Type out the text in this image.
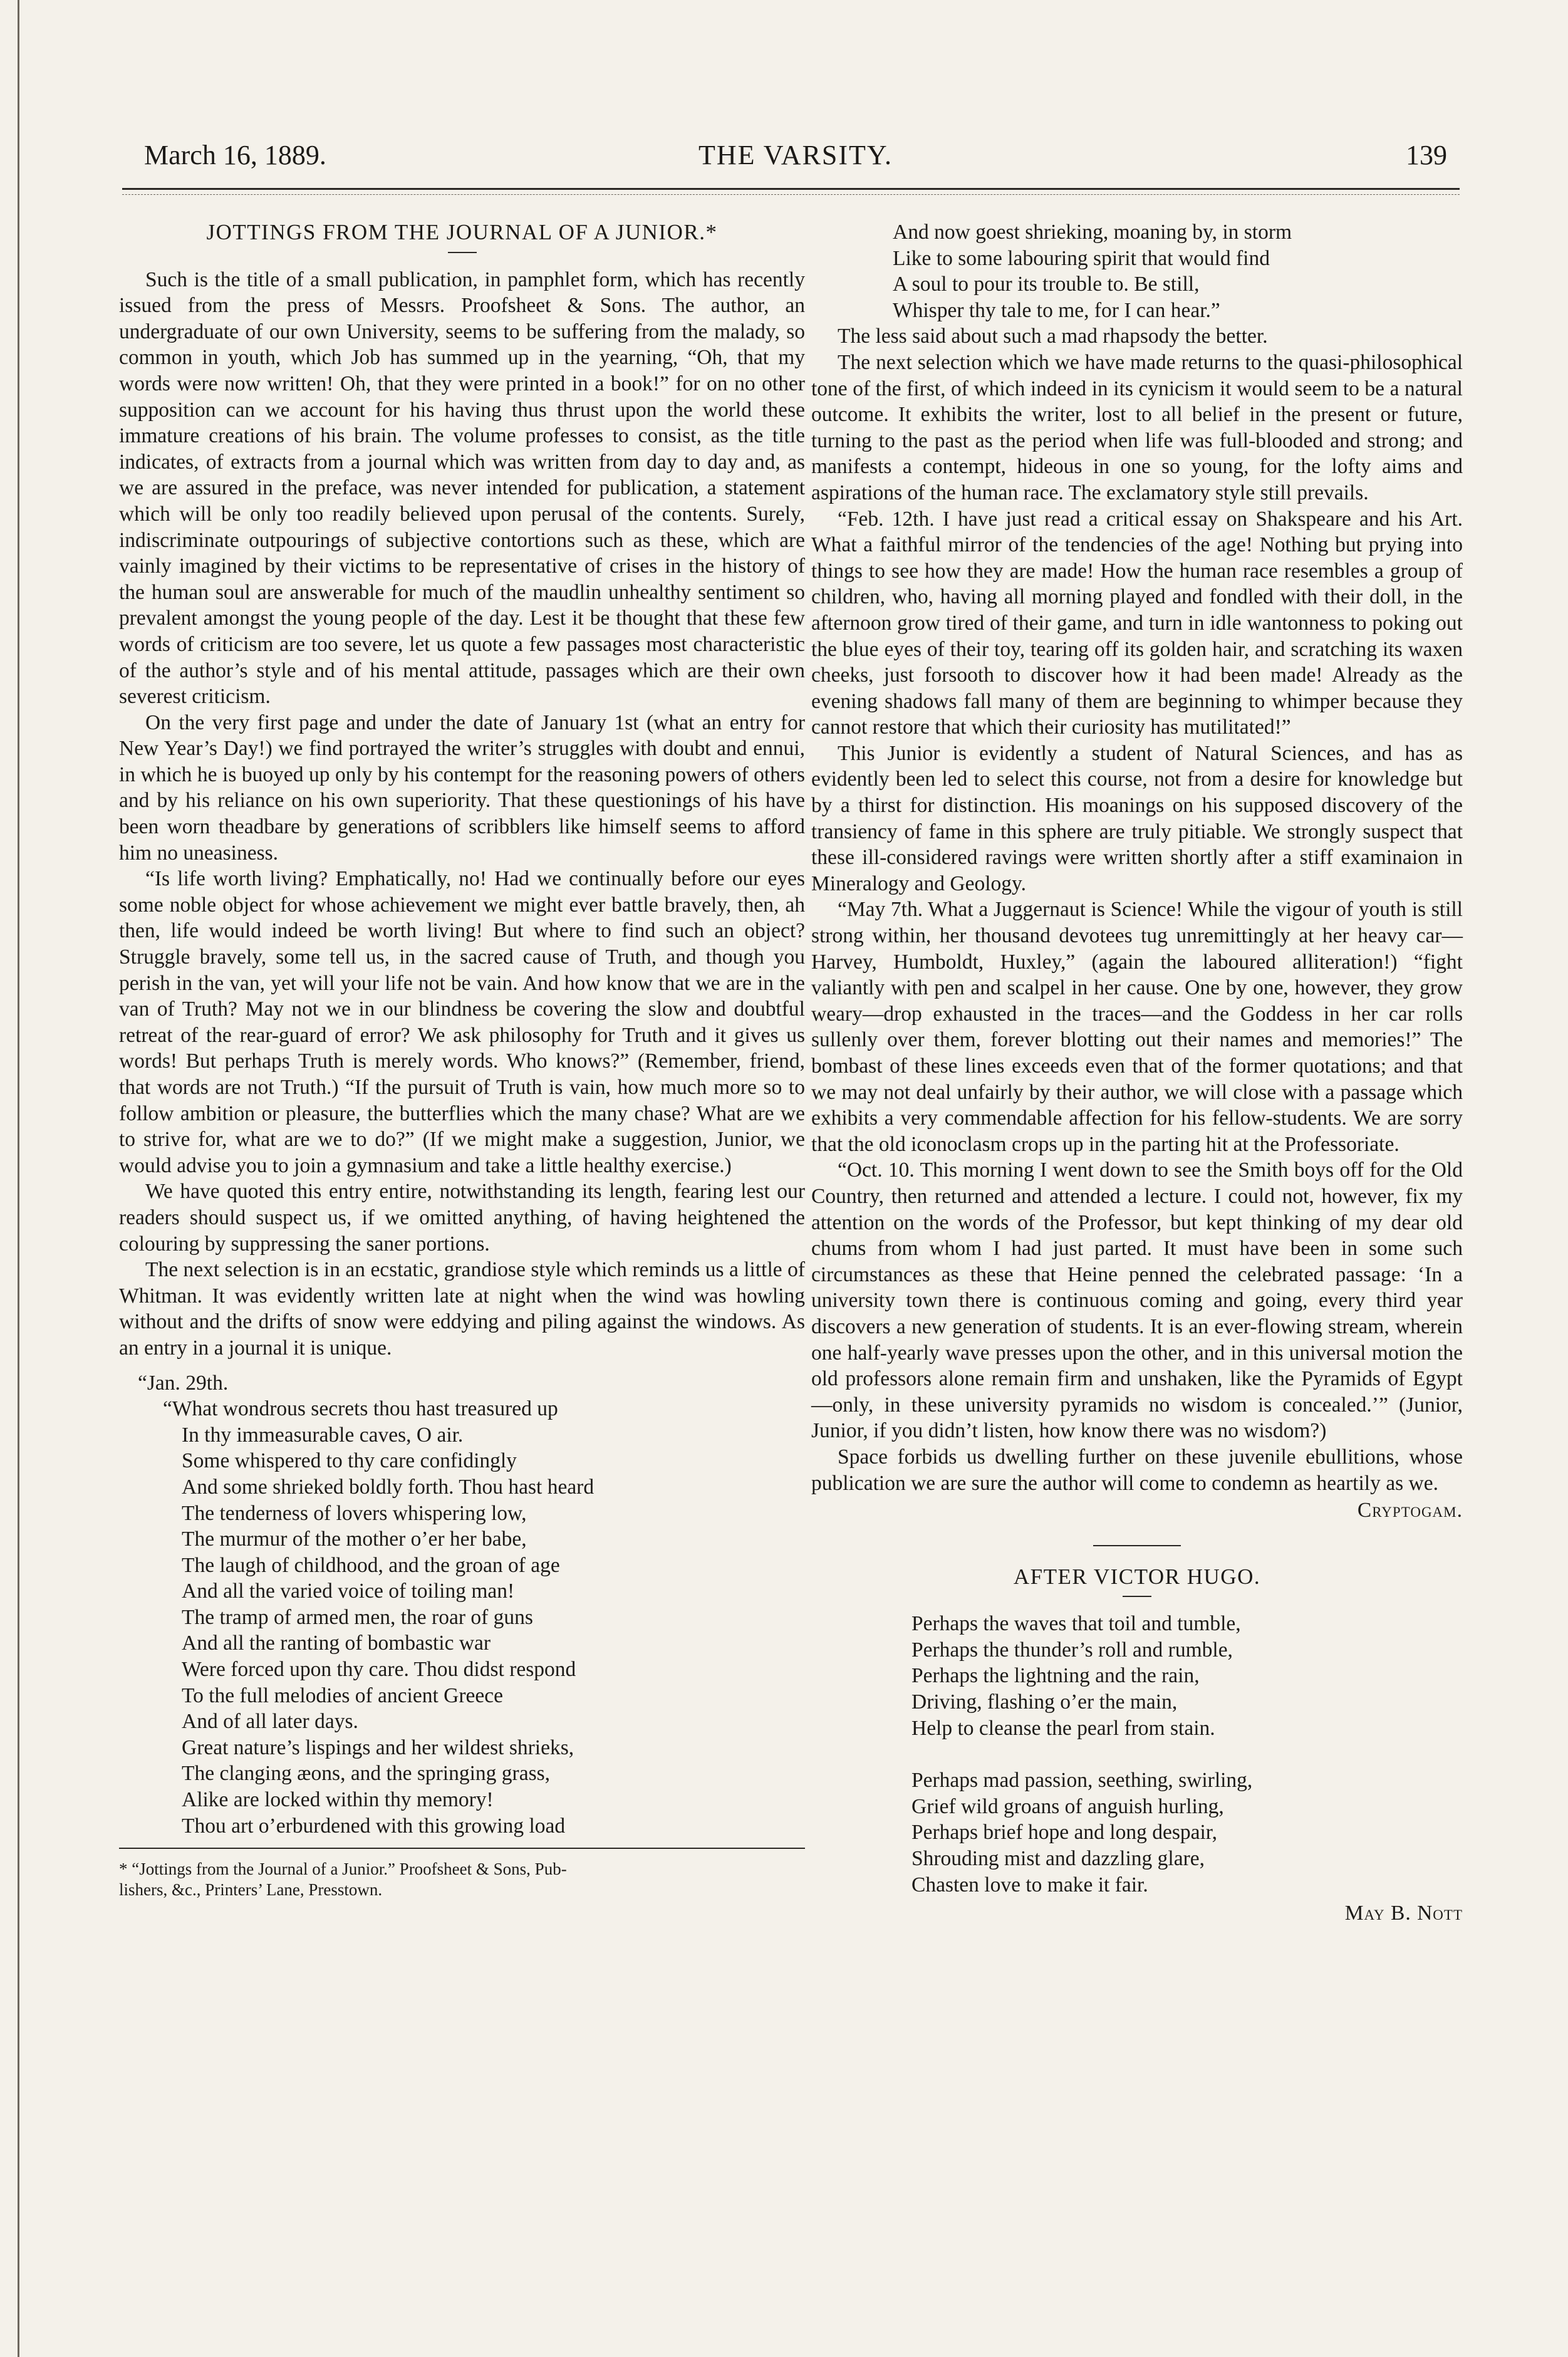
March 16, 1889.	THE VARSITY.	139
JOTTINGS FROM THE JOURNAL OF A JUNIOR.*

Such is the title of a small publication, in pamphlet form, which has recently issued from the press of Messrs. Proofsheet & Sons. The author, an undergraduate of our own University, seems to be suffering from the malady, so common in youth, which Job has summed up in the yearning, “Oh, that my words were now written! Oh, that they were printed in a book!” for on no other supposition can we account for his having thus thrust upon the world these immature creations of his brain. The volume professes to consist, as the title indicates, of extracts from a journal which was written from day to day and, as we are assured in the preface, was never intended for publication, a statement which will be only too readily believed upon perusal of the contents. Surely, indiscriminate outpourings of subjective contortions such as these, which are vainly imagined by their victims to be representative of crises in the history of the human soul are answerable for much of the maudlin unhealthy sentiment so prevalent amongst the young people of the day. Lest it be thought that these few words of criticism are too severe, let us quote a few passages most characteristic of the author’s style and of his mental attitude, passages which are their own severest criticism.

On the very first page and under the date of January 1st (what an entry for New Year’s Day!) we find portrayed the writer’s struggles with doubt and ennui, in which he is buoyed up only by his contempt for the reasoning powers of others and by his reliance on his own superiority. That these questionings of his have been worn theadbare by generations of scribblers like himself seems to afford him no uneasiness.

“Is life worth living? Emphatically, no! Had we continually before our eyes some noble object for whose achievement we might ever battle bravely, then, ah then, life would indeed be worth living! But where to find such an object? Struggle bravely, some tell us, in the sacred cause of Truth, and though you perish in the van, yet will your life not be vain. And how know that we are in the van of Truth? May not we in our blindness be covering the slow and doubtful retreat of the rear-guard of error? We ask philosophy for Truth and it gives us words! But perhaps Truth is merely words. Who knows?” (Remember, friend, that words are not Truth.) “If the pursuit of Truth is vain, how much more so to follow ambition or pleasure, the butterflies which the many chase? What are we to strive for, what are we to do?” (If we might make a suggestion, Junior, we would advise you to join a gymnasium and take a little healthy exercise.)

We have quoted this entry entire, notwithstanding its length, fearing lest our readers should suspect us, if we omitted anything, of having heightened the colouring by suppressing the saner portions.

The next selection is in an ecstatic, grandiose style which reminds us a little of Whitman. It was evidently written late at night when the wind was howling without and the drifts of snow were eddying and piling against the windows. As an entry in a journal it is unique.

“Jan. 29th.
“What wondrous secrets thou hast treasured up
In thy immeasurable caves, O air.
Some whispered to thy care confidingly
And some shrieked boldly forth. Thou hast heard
The tenderness of lovers whispering low,
The murmur of the mother o’er her babe,
The laugh of childhood, and the groan of age
And all the varied voice of toiling man!
The tramp of armed men, the roar of guns
And all the ranting of bombastic war
Were forced upon thy care. Thou didst respond
To the full melodies of ancient Greece
And of all later days.
Great nature’s lispings and her wildest shrieks,
The clanging æons, and the springing grass,
Alike are locked within thy memory!
Thou art o’erburdened with this growing load
* “Jottings from the Journal of a Junior.” Proofsheet & Sons, Pub-
lishers, &c., Printers’ Lane, Presstown.
And now goest shrieking, moaning by, in storm
Like to some labouring spirit that would find
A soul to pour its trouble to. Be still,
Whisper thy tale to me, for I can hear.”

The less said about such a mad rhapsody the better.

The next selection which we have made returns to the quasi-philosophical tone of the first, of which indeed in its cynicism it would seem to be a natural outcome. It exhibits the writer, lost to all belief in the present or future, turning to the past as the period when life was full-blooded and strong; and manifests a contempt, hideous in one so young, for the lofty aims and aspirations of the human race. The exclamatory style still prevails.

“Feb. 12th. I have just read a critical essay on Shakspeare and his Art. What a faithful mirror of the tendencies of the age! Nothing but prying into things to see how they are made! How the human race resembles a group of children, who, having all morning played and fondled with their doll, in the afternoon grow tired of their game, and turn in idle wantonness to poking out the blue eyes of their toy, tearing off its golden hair, and scratching its waxen cheeks, just forsooth to discover how it had been made! Already as the evening shadows fall many of them are beginning to whimper because they cannot restore that which their curiosity has mutilitated!”

This Junior is evidently a student of Natural Sciences, and has as evidently been led to select this course, not from a desire for knowledge but by a thirst for distinction. His moanings on his supposed discovery of the transiency of fame in this sphere are truly pitiable. We strongly suspect that these ill-considered ravings were written shortly after a stiff examinaion in Mineralogy and Geology.

“May 7th. What a Juggernaut is Science! While the vigour of youth is still strong within, her thousand devotees tug unremittingly at her heavy car—Harvey, Humboldt, Huxley,” (again the laboured alliteration!) “fight valiantly with pen and scalpel in her cause. One by one, however, they grow weary—drop exhausted in the traces—and the Goddess in her car rolls sullenly over them, forever blotting out their names and memories!” The bombast of these lines exceeds even that of the former quotations; and that we may not deal unfairly by their author, we will close with a passage which exhibits a very commendable affection for his fellow-students. We are sorry that the old iconoclasm crops up in the parting hit at the Professoriate.

“Oct. 10. This morning I went down to see the Smith boys off for the Old Country, then returned and attended a lecture. I could not, however, fix my attention on the words of the Professor, but kept thinking of my dear old chums from whom I had just parted. It must have been in some such circumstances as these that Heine penned the celebrated passage: ‘In a university town there is continuous coming and going, every third year discovers a new generation of students. It is an ever-flowing stream, wherein one half-yearly wave presses upon the other, and in this universal motion the old professors alone remain firm and unshaken, like the Pyramids of Egypt —only, in these university pyramids no wisdom is concealed.’” (Junior, Junior, if you didn’t listen, how know there was no wisdom?)

Space forbids us dwelling further on these juvenile ebullitions, whose publication we are sure the author will come to condemn as heartily as we.

Cryptogam.
AFTER VICTOR HUGO.
Perhaps the waves that toil and tumble,
Perhaps the thunder’s roll and rumble,
Perhaps the lightning and the rain,
Driving, flashing o’er the main,
Help to cleanse the pearl from stain.
Perhaps mad passion, seething, swirling,
Grief wild groans of anguish hurling,
Perhaps brief hope and long despair,
Shrouding mist and dazzling glare,
Chasten love to make it fair.
May B. Nott
